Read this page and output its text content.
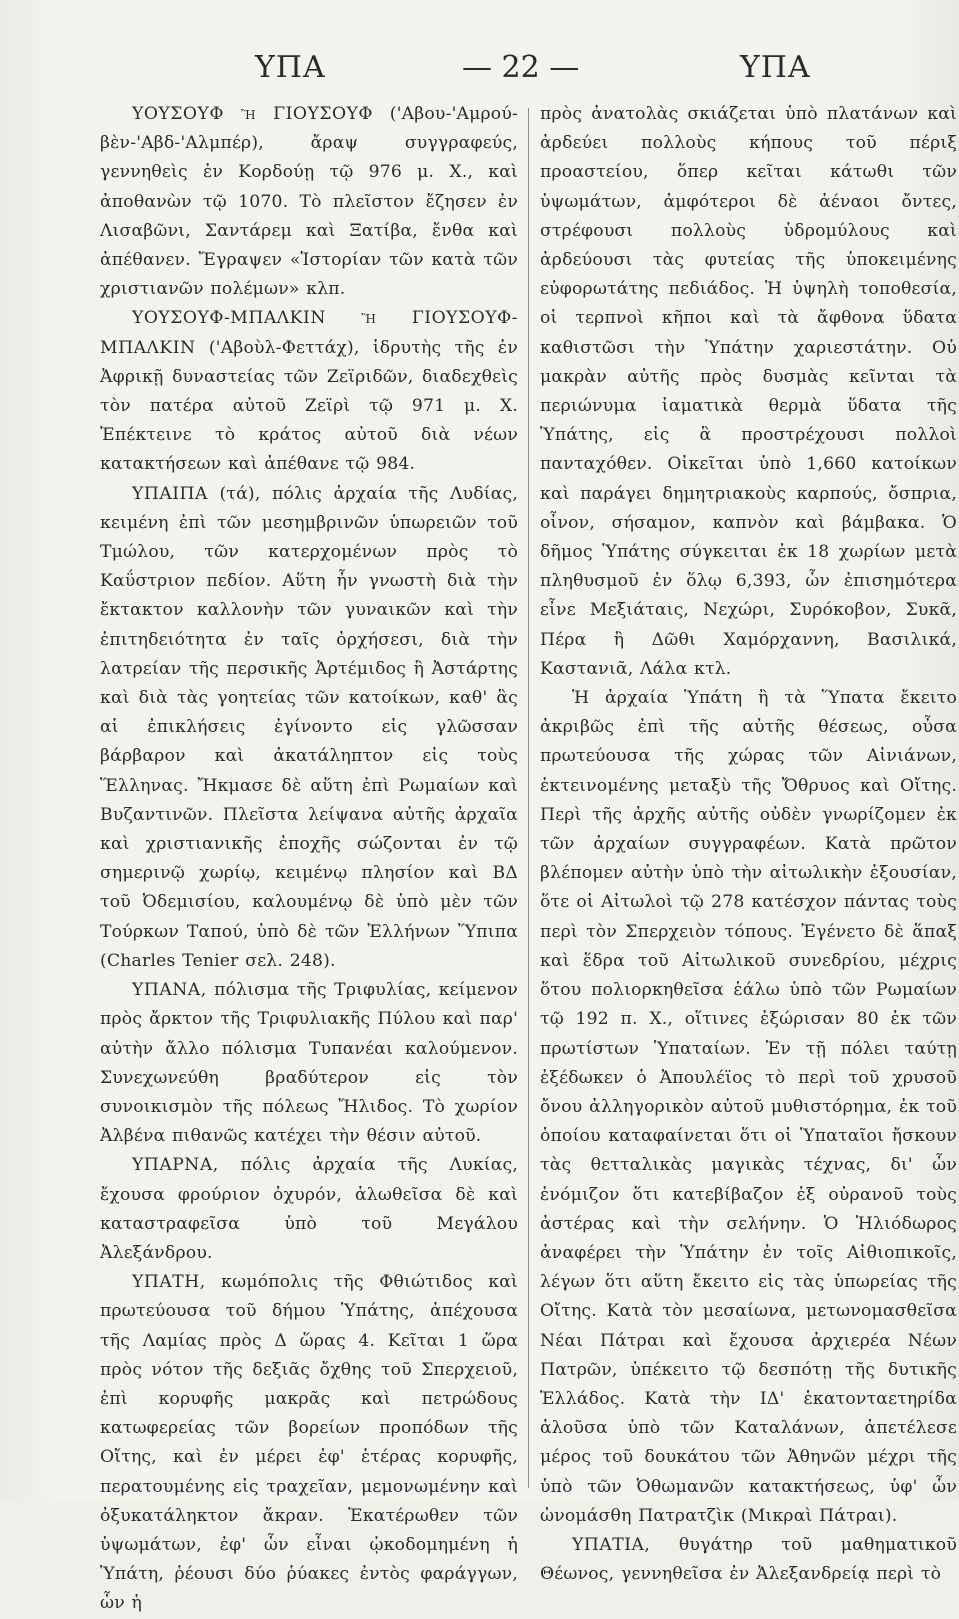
ΥΠΑ	— 22 —	ΥΠΑ

ΥΟΥΣΟΥΦ ἢ ΓΙΟΥΣΟΥΦ ('Αβου-'Αμρού-βὲν-'Αβδ-'Αλμπέρ), ἄραψ συγγραφεύς, γεννηθεὶς ἐν Κορδούῃ τῷ 976 μ. Χ., καὶ ἀποθανὼν τῷ 1070. Τὸ πλεῖστον ἔζησεν ἐν Λισαβῶνι, Σαντάρεμ καὶ Ξατίβα, ἔνθα καὶ ἀπέθανεν. Ἔγραψεν «Ἱστορίαν τῶν κατὰ τῶν χριστιανῶν πολέμων» κλπ.

ΥΟΥΣΟΥΦ-ΜΠΑΛΚΙΝ ἢ ΓΙΟΥΣΟΥΦ-ΜΠΑΛΚΙΝ ('Αβοὺλ-Φεττάχ), ἱδρυτὴς τῆς ἐν Ἀφρικῇ δυναστείας τῶν Ζεϊριδῶν, διαδεχθεὶς τὸν πατέρα αὐτοῦ Ζεϊρὶ τῷ 971 μ. Χ. Ἐπέκτεινε τὸ κράτος αὐτοῦ διὰ νέων κατακτήσεων καὶ ἀπέθανε τῷ 984.

ΥΠΑΙΠΑ (τά), πόλις ἀρχαία τῆς Λυδίας, κειμένη ἐπὶ τῶν μεσημβρινῶν ὑπωρειῶν τοῦ Τμώλου, τῶν κατερχομένων πρὸς τὸ Καΰστριον πεδίον. Αὕτη ἦν γνωστὴ διὰ τὴν ἔκτακτον καλλονὴν τῶν γυναικῶν καὶ τὴν ἐπιτηδειότητα ἐν ταῖς ὀρχήσεσι, διὰ τὴν λατρείαν τῆς περσικῆς Ἀρτέμιδος ἢ Ἀστάρτης καὶ διὰ τὰς γοητείας τῶν κατοίκων, καθ' ἃς αἱ ἐπικλήσεις ἐγίνοντο εἰς γλῶσσαν βάρβαρον καὶ ἀκατάληπτον εἰς τοὺς Ἕλληνας. Ἤκμασε δὲ αὕτη ἐπὶ Ρωμαίων καὶ Βυζαντινῶν. Πλεῖστα λείψανα αὐτῆς ἀρχαῖα καὶ χριστιανικῆς ἐποχῆς σώζονται ἐν τῷ σημερινῷ χωρίῳ, κειμένῳ πλησίον καὶ ΒΔ τοῦ Ὀδεμισίου, καλουμένῳ δὲ ὑπὸ μὲν τῶν Τούρκων Ταπού, ὑπὸ δὲ τῶν Ἑλλήνων Ὕπιπα (Charles Tenier σελ. 248).

ΥΠΑΝΑ, πόλισμα τῆς Τριφυλίας, κείμενον πρὸς ἄρκτον τῆς Τριφυλιακῆς Πύλου καὶ παρ' αὐτὴν ἄλλο πόλισμα Τυπανέαι καλούμενον. Συνεχωνεύθη βραδύτερον εἰς τὸν συνοικισμὸν τῆς πόλεως Ἤλιδος. Τὸ χωρίον Ἀλβένα πιθανῶς κατέχει τὴν θέσιν αὐτοῦ.

ΥΠΑΡΝΑ, πόλις ἀρχαία τῆς Λυκίας, ἔχουσα φρούριον ὀχυρόν, ἁλωθεῖσα δὲ καὶ καταστραφεῖσα ὑπὸ τοῦ Μεγάλου Ἀλεξάνδρου.

ΥΠΑΤΗ, κωμόπολις τῆς Φθιώτιδος καὶ πρωτεύουσα τοῦ δήμου Ὑπάτης, ἀπέχουσα τῆς Λαμίας πρὸς Δ ὥρας 4. Κεῖται 1 ὥρα πρὸς νότον τῆς δεξιᾶς ὄχθης τοῦ Σπερχειοῦ, ἐπὶ κορυφῆς μακρᾶς καὶ πετρώδους κατωφερείας τῶν βορείων προπόδων τῆς Οἴτης, καὶ ἐν μέρει ἐφ' ἑτέρας κορυφῆς, περατουμένης εἰς τραχεῖαν, μεμονωμένην καὶ ὀξυκατάληκτον ἄκραν. Ἑκατέρωθεν τῶν ὑψωμάτων, ἐφ' ὧν εἶναι ᾠκοδομημένη ἡ Ὑπάτη, ῥέουσι δύο ῥύακες ἐντὸς φαράγγων, ὧν ἡ

πρὸς ἀνατολὰς σκιάζεται ὑπὸ πλατάνων καὶ ἀρδεύει πολλοὺς κήπους τοῦ πέριξ προαστείου, ὅπερ κεῖται κάτωθι τῶν ὑψωμάτων, ἀμφότεροι δὲ ἀέναοι ὄντες, στρέφουσι πολλοὺς ὑδρομύλους καὶ ἀρδεύουσι τὰς φυτείας τῆς ὑποκειμένης εὐφορωτάτης πεδιάδος. Ἡ ὑψηλὴ τοποθεσία, οἱ τερπνοὶ κῆποι καὶ τὰ ἄφθονα ὕδατα καθιστῶσι τὴν Ὑπάτην χαριεστάτην. Οὐ μακρὰν αὐτῆς πρὸς δυσμὰς κεῖνται τὰ περιώνυμα ἰαματικὰ θερμὰ ὕδατα τῆς Ὑπάτης, εἰς ἃ προστρέχουσι πολλοὶ πανταχόθεν. Οἰκεῖται ὑπὸ 1,660 κατοίκων καὶ παράγει δημητριακοὺς καρπούς, ὄσπρια, οἶνον, σήσαμον, καπνὸν καὶ βάμβακα. Ὁ δῆμος Ὑπάτης σύγκειται ἐκ 18 χωρίων μετὰ πληθυσμοῦ ἐν ὅλῳ 6,393, ὧν ἐπισημότερα εἶνε Μεξιάταις, Νεχώρι, Συρόκοβον, Συκᾶ, Πέρα ἢ Δῶθι Χαμόρχαννη, Βασιλικά, Καστανιᾶ, Λάλα κτλ.

Ἡ ἀρχαία Ὑπάτη ἢ τὰ Ὕπατα ἔκειτο ἀκριβῶς ἐπὶ τῆς αὐτῆς θέσεως, οὖσα πρωτεύουσα τῆς χώρας τῶν Αἰνιάνων, ἐκτεινομένης μεταξὺ τῆς Ὄθρυος καὶ Οἴτης. Περὶ τῆς ἀρχῆς αὐτῆς οὐδὲν γνωρίζομεν ἐκ τῶν ἀρχαίων συγγραφέων. Κατὰ πρῶτον βλέπομεν αὐτὴν ὑπὸ τὴν αἰτωλικὴν ἐξουσίαν, ὅτε οἱ Αἰτωλοὶ τῷ 278 κατέσχον πάντας τοὺς περὶ τὸν Σπερχειὸν τόπους. Ἐγένετο δὲ ἅπαξ καὶ ἕδρα τοῦ Αἰτωλικοῦ συνεδρίου, μέχρις ὅτου πολιορκηθεῖσα ἑάλω ὑπὸ τῶν Ρωμαίων τῷ 192 π. Χ., οἵτινες ἐξώρισαν 80 ἐκ τῶν πρωτίστων Ὑπαταίων. Ἐν τῇ πόλει ταύτῃ ἐξέδωκεν ὁ Ἀπουλέϊος τὸ περὶ τοῦ χρυσοῦ ὄνου ἀλληγορικὸν αὐτοῦ μυθιστόρημα, ἐκ τοῦ ὁποίου καταφαίνεται ὅτι οἱ Ὑπαταῖοι ἤσκουν τὰς θετταλικὰς μαγικὰς τέχνας, δι' ὧν ἐνόμιζον ὅτι κατεβίβαζον ἐξ οὐρανοῦ τοὺς ἀστέρας καὶ τὴν σελήνην. Ὁ Ἡλιόδωρος ἀναφέρει τὴν Ὑπάτην ἐν τοῖς Αἰθιοπικοῖς, λέγων ὅτι αὕτη ἔκειτο εἰς τὰς ὑπωρείας τῆς Οἴτης. Κατὰ τὸν μεσαίωνα, μετωνομασθεῖσα Νέαι Πάτραι καὶ ἔχουσα ἀρχιερέα Νέων Πατρῶν, ὑπέκειτο τῷ δεσπότῃ τῆς δυτικῆς Ἑλλάδος. Κατὰ τὴν ΙΔ' ἑκατονταετηρίδα ἁλοῦσα ὑπὸ τῶν Καταλάνων, ἀπετέλεσε μέρος τοῦ δουκάτου τῶν Ἀθηνῶν μέχρι τῆς ὑπὸ τῶν Ὀθωμανῶν κατακτήσεως, ὑφ' ὧν ὠνομάσθη Πατρατζὶκ (Μικραὶ Πάτραι).

ΥΠΑΤΙΑ, θυγάτηρ τοῦ μαθηματικοῦ Θέωνος, γεννηθεῖσα ἐν Ἀλεξανδρείᾳ περὶ τὸ
